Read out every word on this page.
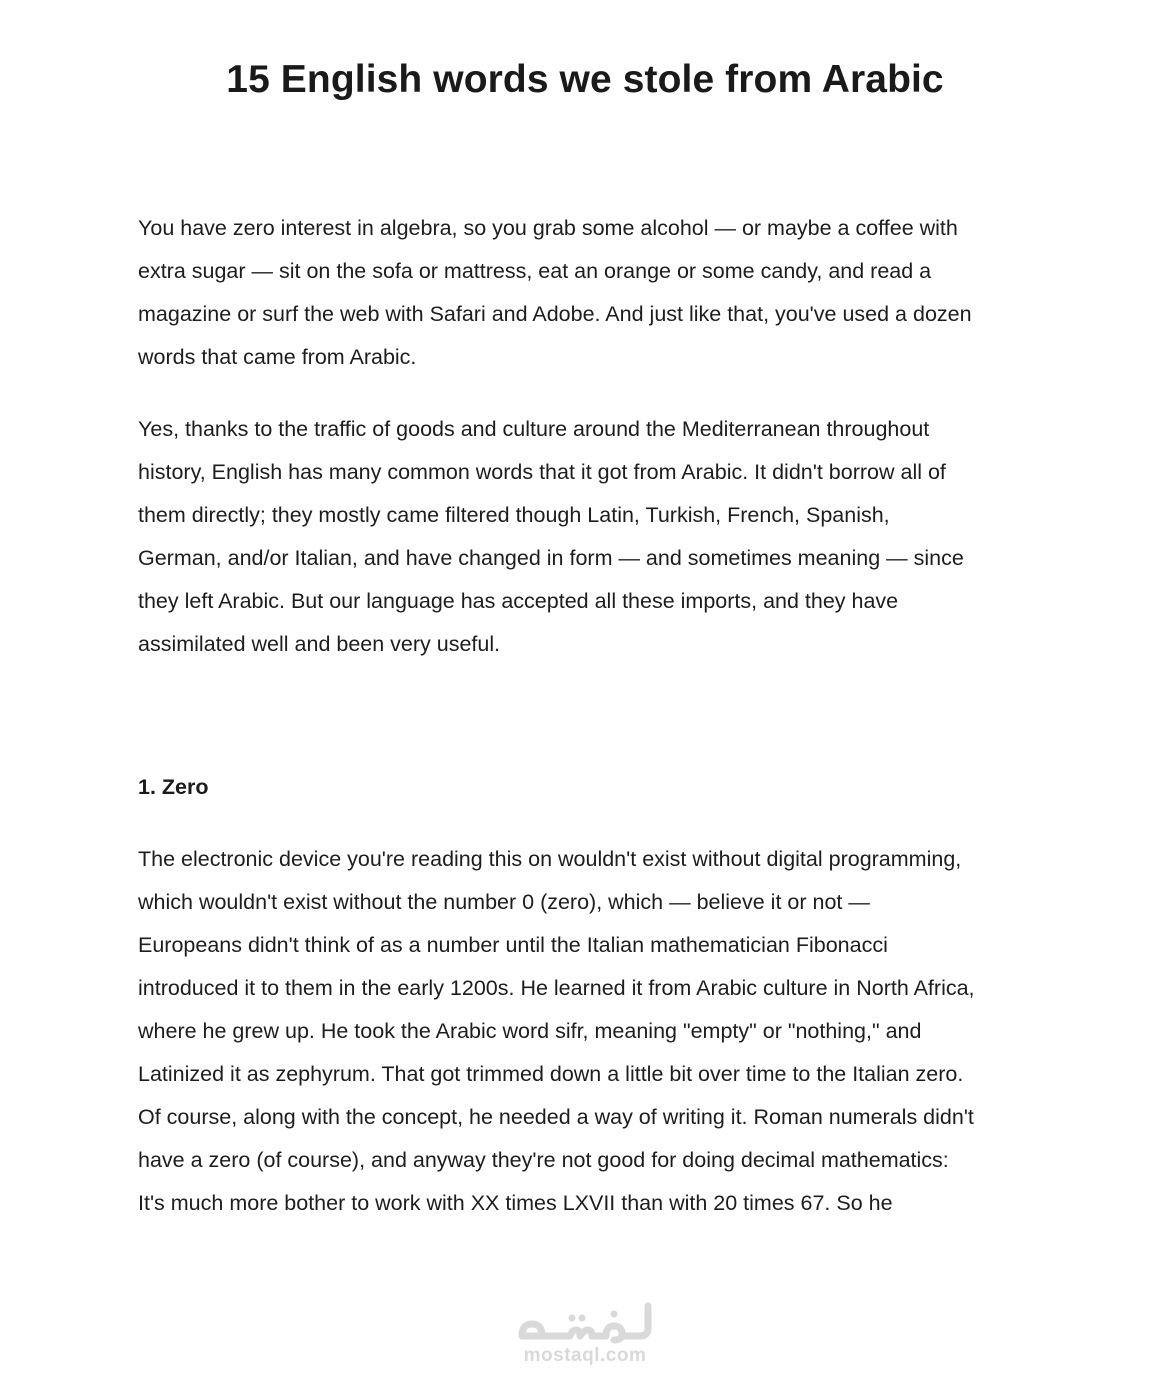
15 English words we stole from Arabic
You have zero interest in algebra, so you grab some alcohol — or maybe a coffee with
extra sugar — sit on the sofa or mattress, eat an orange or some candy, and read a
magazine or surf the web with Safari and Adobe. And just like that, you've used a dozen
words that came from Arabic.
Yes, thanks to the traffic of goods and culture around the Mediterranean throughout
history, English has many common words that it got from Arabic. It didn't borrow all of
them directly; they mostly came filtered though Latin, Turkish, French, Spanish,
German, and/or Italian, and have changed in form — and sometimes meaning — since
they left Arabic. But our language has accepted all these imports, and they have
assimilated well and been very useful.
1. Zero
The electronic device you're reading this on wouldn't exist without digital programming,
which wouldn't exist without the number 0 (zero), which — believe it or not —
Europeans didn't think of as a number until the Italian mathematician Fibonacci
introduced it to them in the early 1200s. He learned it from Arabic culture in North Africa,
where he grew up. He took the Arabic word sifr, meaning "empty" or "nothing," and
Latinized it as zephyrum. That got trimmed down a little bit over time to the Italian zero.
Of course, along with the concept, he needed a way of writing it. Roman numerals didn't
have a zero (of course), and anyway they're not good for doing decimal mathematics:
It's much more bother to work with XX times LXVII than with 20 times 67. So he
mostaql.com
